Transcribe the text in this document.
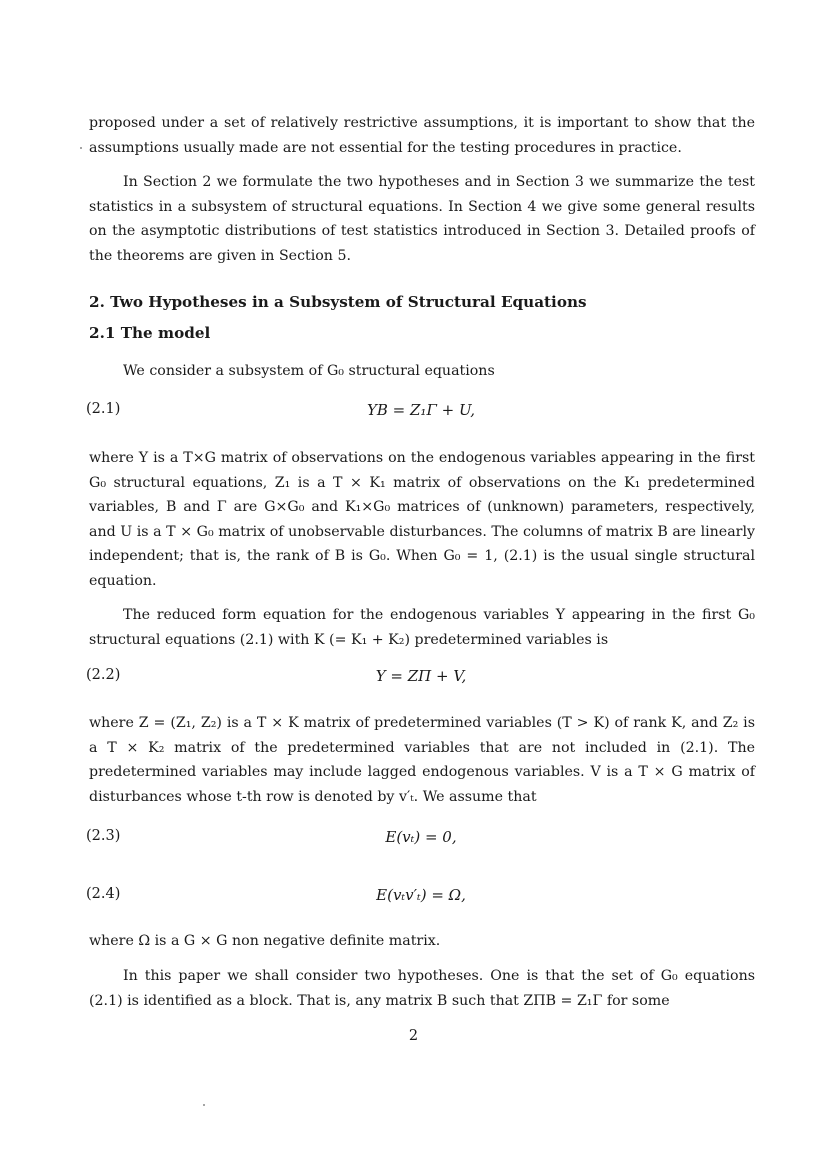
proposed under a set of relatively restrictive assumptions, it is important to show that the assumptions usually made are not essential for the testing procedures in practice.
In Section 2 we formulate the two hypotheses and in Section 3 we summarize the test statistics in a subsystem of structural equations. In Section 4 we give some general results on the asymptotic distributions of test statistics introduced in Section 3. Detailed proofs of the theorems are given in Section 5.
2. Two Hypotheses in a Subsystem of Structural Equations
2.1 The model
We consider a subsystem of G₀ structural equations
(2.1)	YB = Z₁Γ + U,
where Y is a T×G matrix of observations on the endogenous variables appearing in the first G₀ structural equations, Z₁ is a T × K₁ matrix of observations on the K₁ predetermined variables, B and Γ are G×G₀ and K₁×G₀ matrices of (unknown) parameters, respectively, and U is a T × G₀ matrix of unobservable disturbances. The columns of matrix B are linearly independent; that is, the rank of B is G₀. When G₀ = 1, (2.1) is the usual single structural equation.
The reduced form equation for the endogenous variables Y appearing in the first G₀ structural equations (2.1) with K (= K₁ + K₂) predetermined variables is
(2.2)	Y = ZΠ + V,
where Z = (Z₁, Z₂) is a T × K matrix of predetermined variables (T > K) of rank K, and Z₂ is a T × K₂ matrix of the predetermined variables that are not included in (2.1). The predetermined variables may include lagged endogenous variables. V is a T × G matrix of disturbances whose t-th row is denoted by v′ₜ. We assume that
(2.3)	E(vₜ) = 0,
(2.4)	E(vₜv′ₜ) = Ω,
where Ω is a G × G non negative definite matrix.
In this paper we shall consider two hypotheses. One is that the set of G₀ equations (2.1) is identified as a block. That is, any matrix B such that ZΠB = Z₁Γ for some
2
